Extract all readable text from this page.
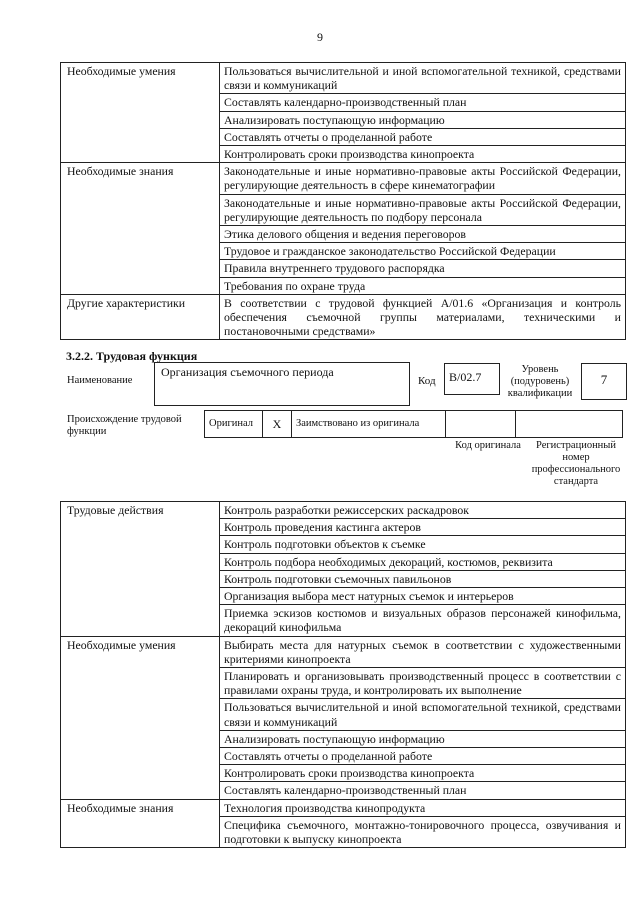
9
Необходимые умения	Пользоваться вычислительной и иной вспомогательной техникой, средствами связи и коммуникаций
	Составлять календарно-производственный план
	Анализировать поступающую информацию
	Составлять отчеты о проделанной работе
	Контролировать сроки производства кинопроекта
Необходимые знания	Законодательные и иные нормативно-правовые акты Российской Федерации, регулирующие деятельность в сфере кинематографии
	Законодательные и иные нормативно-правовые акты Российской Федерации, регулирующие деятельность по подбору персонала
	Этика делового общения и ведения переговоров
	Трудовое и гражданское законодательство Российской Федерации
	Правила внутреннего трудового распорядка
	Требования по охране труда
Другие характеристики	В соответствии с трудовой функцией А/01.6 «Организация и контроль обеспечения съемочной группы материалами, техническими и постановочными средствами»
3.2.2. Трудовая функция
Наименование
Организация съемочного периода
Код	В/02.7
Уровень (подуровень) квалификации
7
Происхождение трудовой функции
Оригинал	X	Заимствовано из оригинала
Код оригинала	Регистрационный номер профессионального стандарта
Трудовые действия	Контроль разработки режиссерских раскадровок
	Контроль проведения кастинга актеров
	Контроль подготовки объектов к съемке
	Контроль подбора необходимых декораций, костюмов, реквизита
	Контроль подготовки съемочных павильонов
	Организация выбора мест натурных съемок и интерьеров
	Приемка эскизов костюмов и визуальных образов персонажей кинофильма, декораций кинофильма
Необходимые умения	Выбирать места для натурных съемок в соответствии с художественными критериями кинопроекта
	Планировать и организовывать производственный процесс в соответствии с правилами охраны труда, и контролировать их выполнение
	Пользоваться вычислительной и иной вспомогательной техникой, средствами связи и коммуникаций
	Анализировать поступающую информацию
	Составлять отчеты о проделанной работе
	Контролировать сроки производства кинопроекта
	Составлять календарно-производственный план
Необходимые знания	Технология производства кинопродукта
	Специфика съемочного, монтажно-тонировочного процесса, озвучивания и подготовки к выпуску кинопроекта
